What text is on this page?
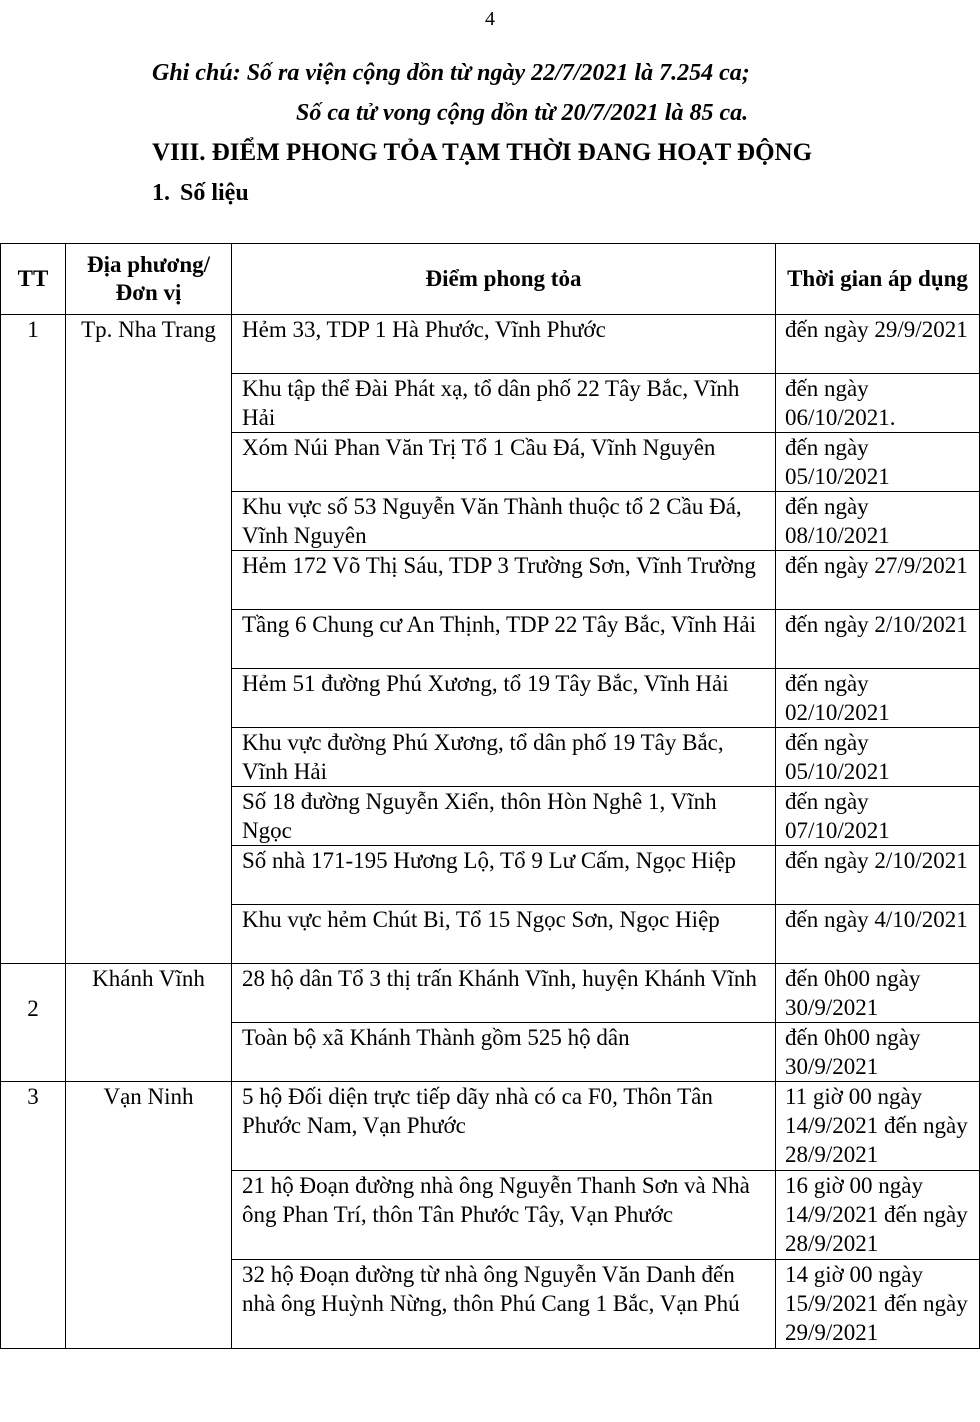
4
Ghi chú: Số ra viện cộng dồn từ ngày 22/7/2021 là 7.254 ca;
Số ca tử vong cộng dồn từ 20/7/2021 là 85 ca.
VIII. ĐIỂM PHONG TỎA TẠM THỜI ĐANG HOẠT ĐỘNG
1. Số liệu
TT	Địa phương/ Đơn vị	Điểm phong tỏa	Thời gian áp dụng
1	Tp. Nha Trang	Hẻm 33, TDP 1 Hà Phước, Vĩnh Phước	đến ngày 29/9/2021
		Khu tập thể Đài Phát xạ, tổ dân phố 22 Tây Bắc, Vĩnh Hải	đến ngày 06/10/2021.
		Xóm Núi Phan Văn Trị Tổ 1 Cầu Đá, Vĩnh Nguyên	đến ngày 05/10/2021
		Khu vực số 53 Nguyễn Văn Thành thuộc tổ 2 Cầu Đá, Vĩnh Nguyên	đến ngày 08/10/2021
		Hẻm 172 Võ Thị Sáu, TDP 3 Trường Sơn, Vĩnh Trường	đến ngày 27/9/2021
		Tầng 6 Chung cư An Thịnh, TDP 22 Tây Bắc, Vĩnh Hải	đến ngày 2/10/2021
		Hẻm 51 đường Phú Xương, tổ 19 Tây Bắc, Vĩnh Hải	đến ngày 02/10/2021
		Khu vực đường Phú Xương, tổ dân phố 19 Tây Bắc, Vĩnh Hải	đến ngày 05/10/2021
		Số 18 đường Nguyễn Xiển, thôn Hòn Nghê 1, Vĩnh Ngọc	đến ngày 07/10/2021
		Số nhà 171-195 Hương Lộ, Tổ 9 Lư Cấm, Ngọc Hiệp	đến ngày 2/10/2021
		Khu vực hẻm Chút Bi, Tổ 15 Ngọc Sơn, Ngọc Hiệp	đến ngày 4/10/2021
2	Khánh Vĩnh	28 hộ dân Tổ 3 thị trấn Khánh Vĩnh, huyện Khánh Vĩnh	đến 0h00 ngày 30/9/2021
		Toàn bộ xã Khánh Thành gồm 525 hộ dân	đến 0h00 ngày 30/9/2021
3	Vạn Ninh	5 hộ Đối diện trực tiếp dãy nhà có ca F0, Thôn Tân Phước Nam, Vạn Phước	11 giờ 00 ngày 14/9/2021 đến ngày 28/9/2021
		21 hộ Đoạn đường nhà ông Nguyễn Thanh Sơn và Nhà ông Phan Trí, thôn Tân Phước Tây, Vạn Phước	16 giờ 00 ngày 14/9/2021 đến ngày 28/9/2021
		32 hộ Đoạn đường từ nhà ông Nguyễn Văn Danh đến nhà ông Huỳnh Nừng, thôn Phú Cang 1 Bắc, Vạn Phú	14 giờ 00 ngày 15/9/2021 đến ngày 29/9/2021
